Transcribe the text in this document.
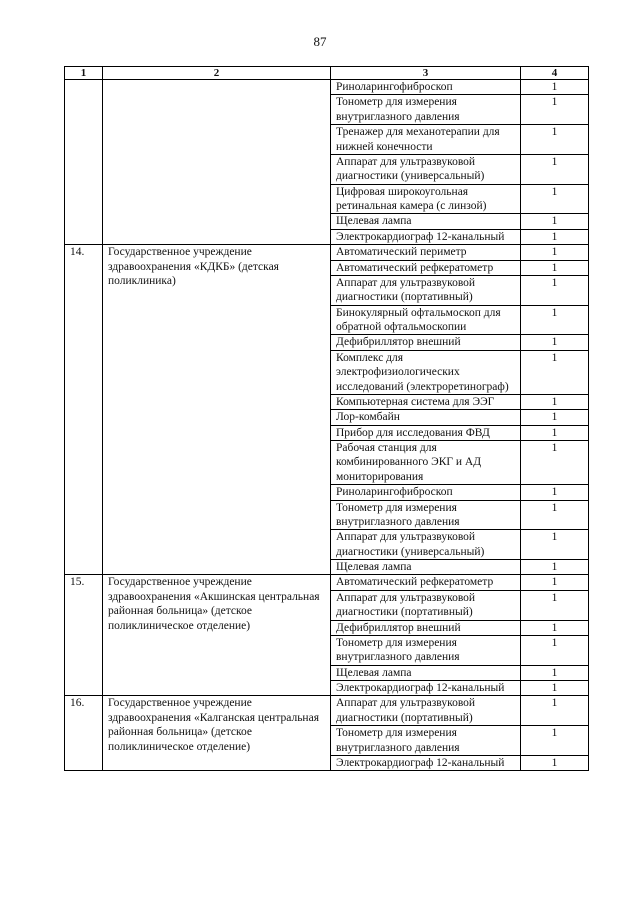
87
1	2	3	4
		Риноларингофиброскоп	1
		Тонометр для измерения внутриглазного давления	1
		Тренажер для механотерапии для нижней конечности	1
		Аппарат для ультразвуковой диагностики (универсальный)	1
		Цифровая широкоугольная ретинальная камера (с линзой)	1
		Щелевая лампа	1
		Электрокардиограф 12-канальный	1
14.	Государственное учреждение здравоохранения «КДКБ» (детская поликлиника)	Автоматический периметр	1
		Автоматический рефкератометр	1
		Аппарат для ультразвуковой диагностики (портативный)	1
		Бинокулярный офтальмоскоп для обратной офтальмоскопии	1
		Дефибриллятор внешний	1
		Комплекс для электрофизиологических исследований (электроретинограф)	1
		Компьютерная система для ЭЭГ	1
		Лор-комбайн	1
		Прибор для исследования ФВД	1
		Рабочая станция для комбинированного ЭКГ и АД мониторирования	1
		Риноларингофиброскоп	1
		Тонометр для измерения внутриглазного давления	1
		Аппарат для ультразвуковой диагностики (универсальный)	1
		Щелевая лампа	1
15.	Государственное учреждение здравоохранения «Акшинская центральная районная больница» (детское поликлиническое отделение)	Автоматический рефкератометр	1
		Аппарат для ультразвуковой диагностики (портативный)	1
		Дефибриллятор внешний	1
		Тонометр для измерения внутриглазного давления	1
		Щелевая лампа	1
		Электрокардиограф 12-канальный	1
16.	Государственное учреждение здравоохранения «Калганская центральная районная больница» (детское поликлиническое отделение)	Аппарат для ультразвуковой диагностики (портативный)	1
		Тонометр для измерения внутриглазного давления	1
		Электрокардиограф 12-канальный	1
